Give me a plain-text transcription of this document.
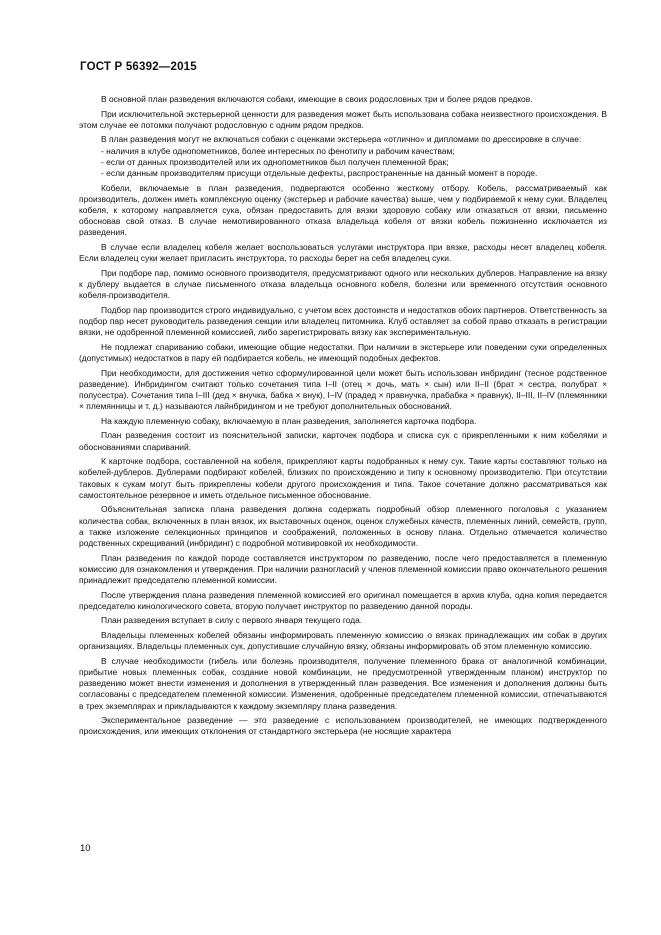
ГОСТ Р 56392—2015

В основной план разведения включаются собаки, имеющие в своих родословных три и более рядов предков.

При исключительной экстерьерной ценности для разведения может быть использована собака неизвестного происхождения. В этом случае ее потомки получают родословную с одним рядом предков.

В план разведения могут не включаться собаки с оценками экстерьера «отлично» и дипломами по дрессировке в случае:

- наличия в клубе однопометников, более интересных по фенотипу и рабочим качествам;

- если от данных производителей или их однопометников был получен племенной брак;

- если данным производителям присущи отдельные дефекты, распространенные на данный момент в породе.

Кобели, включаемые в план разведения, подвергаются особенно жесткому отбору. Кобель, рассматриваемый как производитель, должен иметь комплексную оценку (экстерьер и рабочие качества) выше, чем у подбираемой к нему суки. Владелец кобеля, к которому направляется сука, обязан предоставить для вязки здоровую собаку или отказаться от вязки, письменно обосновав свой отказ. В случае немотивированного отказа владельца кобеля от вязки кобель пожизненно исключается из разведения.

В случае если владелец кобеля желает воспользоваться услугами инструктора при вязке, расходы несет владелец кобеля. Если владелец суки желает пригласить инструктора, то расходы берет на себя владелец суки.

При подборе пар, помимо основного производителя, предусматривают одного или нескольких дублеров. Направление на вязку к дублеру выдается в случае письменного отказа владельца основного кобеля, болезни или временного отсутствия основного кобеля-производителя.

Подбор пар производится строго индивидуально, с учетом всех достоинств и недостатков обоих партнеров. Ответственность за подбор пар несет руководитель разведения секции или владелец питомника. Клуб оставляет за собой право отказать в регистрации вязки, не одобренной племенной комиссией, либо зарегистрировать вязку как экспериментальную.

Не подлежат спариванию собаки, имеющие общие недостатки. При наличии в экстерьере или поведении суки определенных (допустимых) недостатков в пару ей подбирается кобель, не имеющий подобных дефектов.

При необходимости, для достижения четко сформулированной цели может быть использован инбридинг (тесное родственное разведение). Инбридингом считают только сочетания типа I–II (отец × дочь, мать × сын) или II–II (брат × сестра, полубрат × полусестра). Сочетания типа I–III (дед × внучка, бабка × внук), I–IV (прадед × правнучка, прабабка × правнук), II–III, II–IV (племянники × племянницы и т. д.) называются лайнбридингом и не требуют дополнительных обоснований.

На каждую племенную собаку, включаемую в план разведения, заполняется карточка подбора.

План разведения состоит из пояснительной записки, карточек подбора и списка сук с прикрепленными к ним кобелями и обоснованиями спариваний.

К карточке подбора, составленной на кобеля, прикрепляют карты подобранных к нему сук. Такие карты составляют только на кобелей-дублеров. Дублерами подбирают кобелей, близких по происхождению и типу к основному производителю. При отсутствии таковых к сукам могут быть прикреплены кобели другого происхождения и типа. Такое сочетание должно рассматриваться как самостоятельное резервное и иметь отдельное письменное обоснование.

Объяснительная записка плана разведения должна содержать подробный обзор племенного поголовья с указанием количества собак, включенных в план вязок, их выставочных оценок, оценок служебных качеств, племенных линий, семейств, групп, а также изложение селекционных принципов и соображений, положенных в основу плана. Отдельно отмечается количество родственных скрещиваний (инбридинг) с подробной мотивировкой их необходимости.

План разведения по каждой породе составляется инструктором по разведению, после чего предоставляется в племенную комиссию для ознакомления и утверждения. При наличии разногласий у членов племенной комиссии право окончательного решения принадлежит председателю племенной комиссии.

После утверждения плана разведения племенной комиссией его оригинал помещается в архив клуба, одна копия передается председателю кинологического совета, вторую получает инструктор по разведению данной породы.

План разведения вступает в силу с первого января текущего года.

Владельцы племенных кобелей обязаны информировать племенную комиссию о вязках принадлежащих им собак в других организациях. Владельцы племенных сук, допустившие случайную вязку, обязаны информировать об этом племенную комиссию.

В случае необходимости (гибель или болезнь производителя, получение племенного брака от аналогичной комбинации, прибытие новых племенных собак, создание новой комбинации, не предусмотренной утвержденным планом) инструктор по разведению может внести изменения и дополнения в утвержденный план разведения. Все изменения и дополнения должны быть согласованы с председателем племенной комиссии. Изменения, одобренные председателем племенной комиссии, отпечатываются в трех экземплярах и прикладываются к каждому экземпляру плана разведения.

Экспериментальное разведение — это разведение с использованием производителей, не имеющих подтвержденного происхождения, или имеющих отклонения от стандартного экстерьера (не носящие характера

10
